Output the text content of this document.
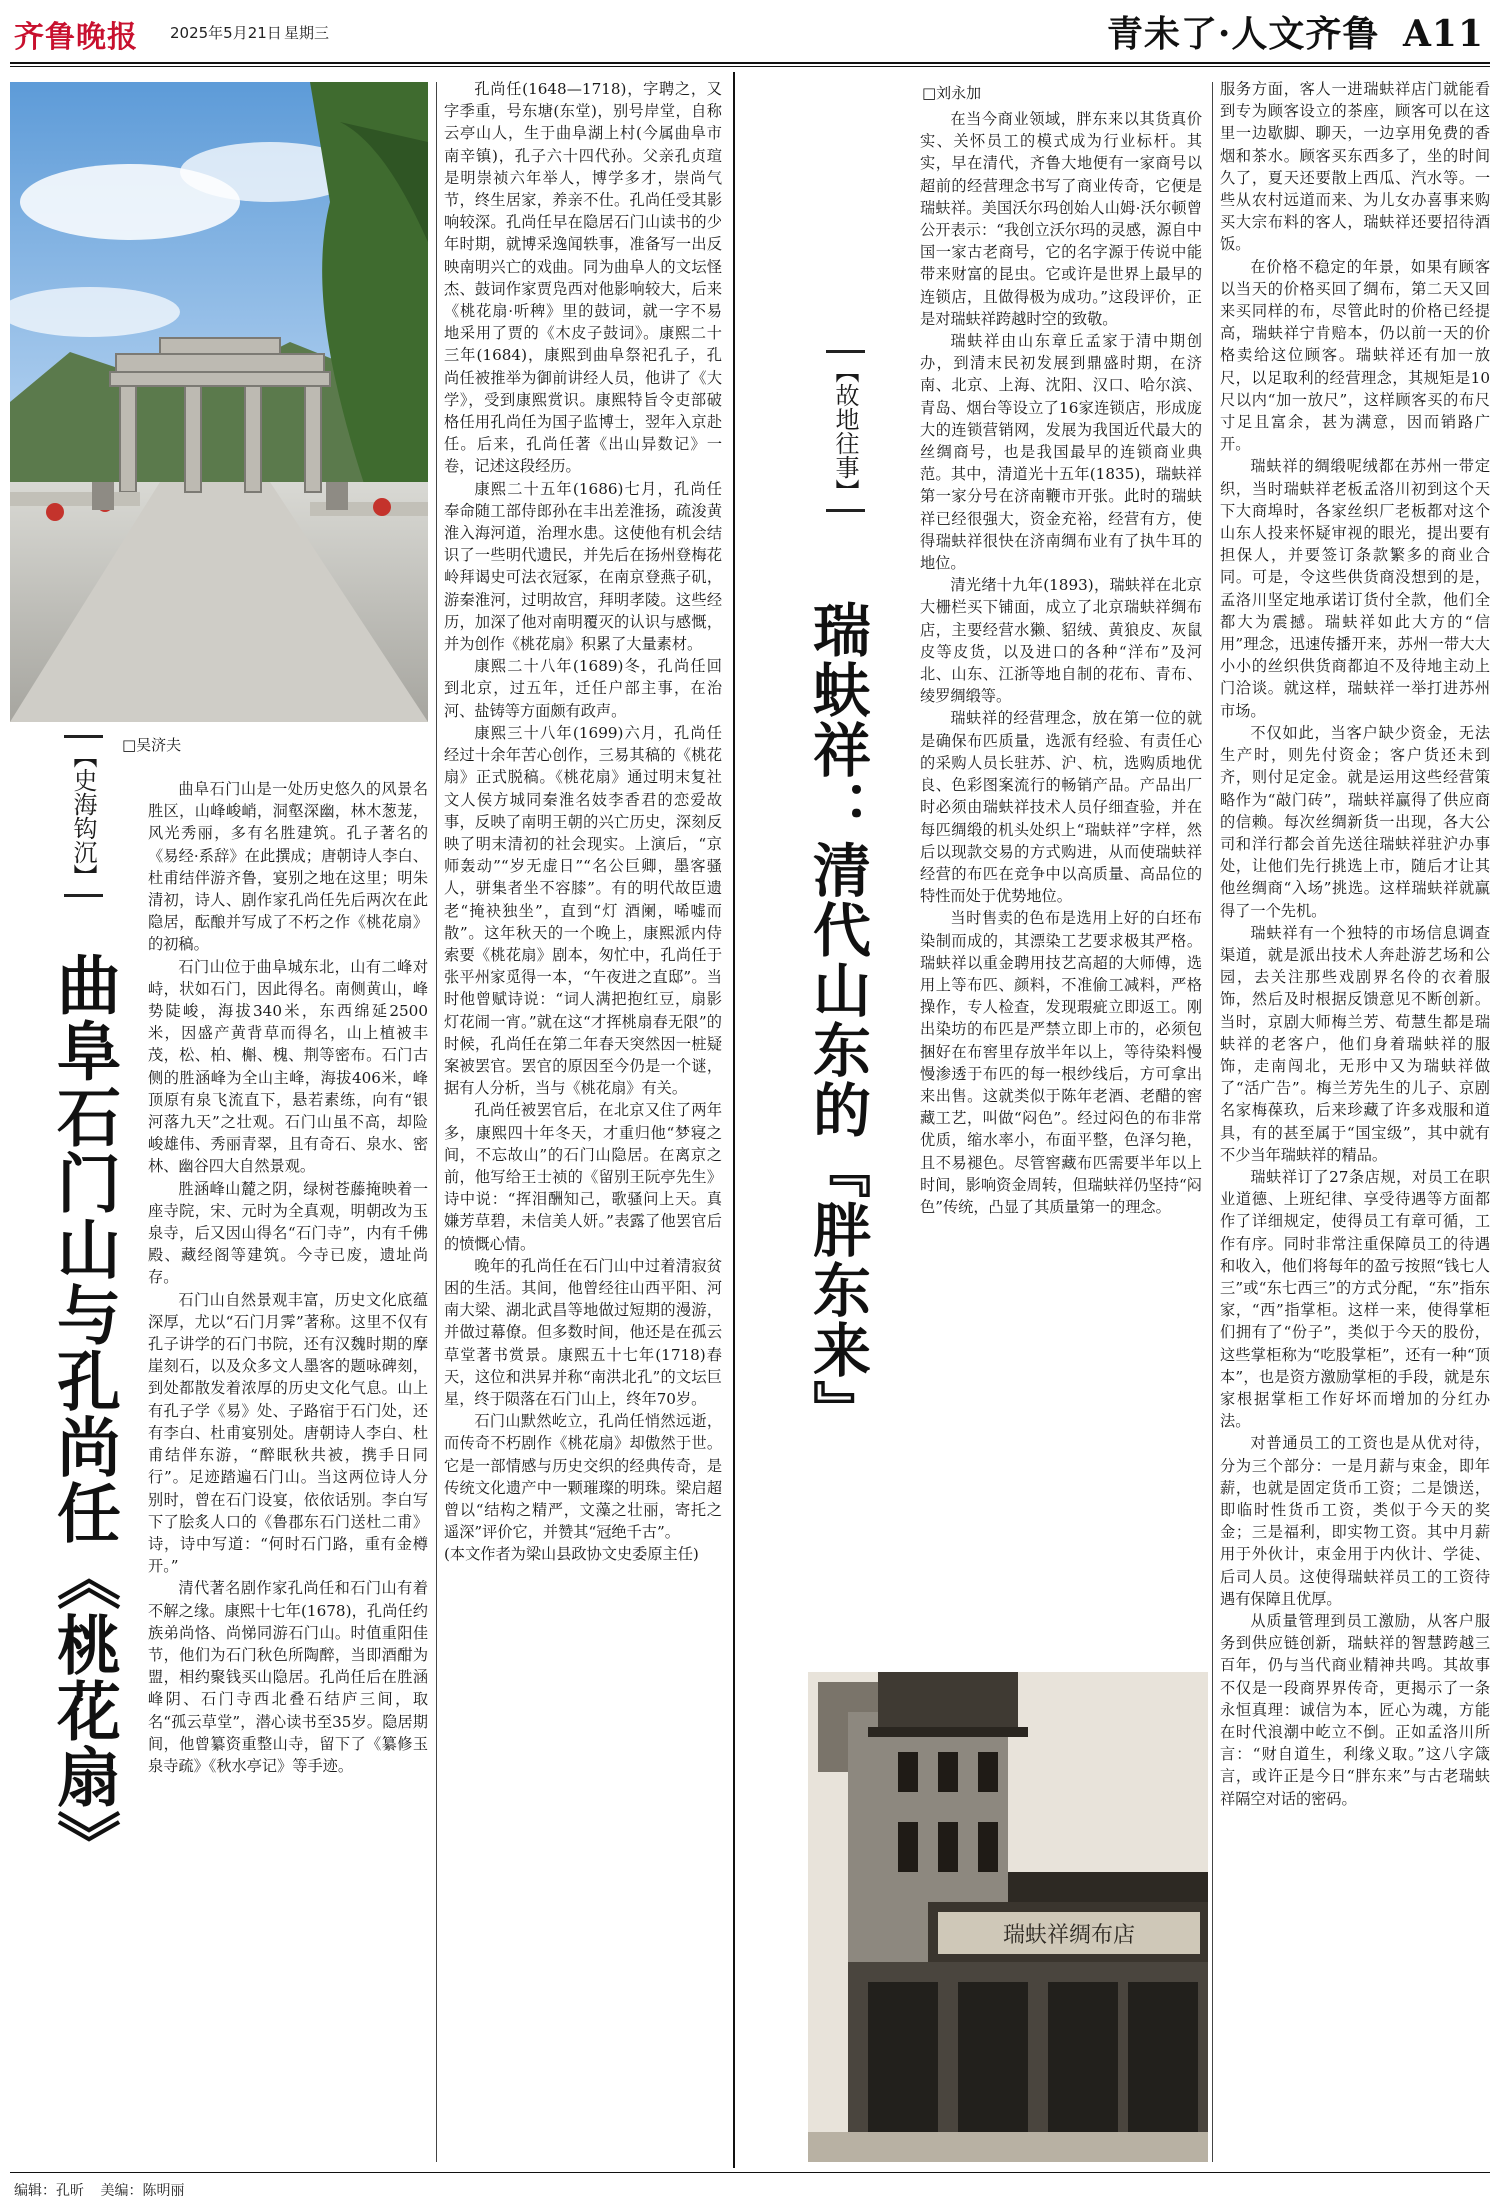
齐鲁晚报 2025年5月21日 星期三	青未了·人文齐鲁 A11
□吴济夫
【史海钩沉】
曲阜石门山与孔尚任《桃花扇》

曲阜石门山是一处历史悠久的风景名胜区，山峰峻峭，洞壑深幽，林木葱茏，风光秀丽，多有名胜建筑。孔子著名的《易经·系辞》在此撰成；唐朝诗人李白、杜甫结伴游齐鲁，宴别之地在这里；明朱清初，诗人、剧作家孔尚任先后两次在此隐居，酝酿并写成了不朽之作《桃花扇》的初稿。

石门山位于曲阜城东北，山有二峰对峙，状如石门，因此得名。南侧黄山，峰势陡峻，海拔340米，东西绵延2500米，因盛产黄背草而得名，山上植被丰茂，松、柏、槲、槐、荆等密布。石门古侧的胜涵峰为全山主峰，海拔406米，峰顶原有泉飞流直下，悬若素练，向有“银河落九天”之壮观。石门山虽不高，却险峻雄伟、秀丽青翠，且有奇石、泉水、密林、幽谷四大自然景观。

胜涵峰山麓之阴，绿树苍藤掩映着一座寺院，宋、元时为全真观，明朝改为玉泉寺，后又因山得名“石门寺”，内有千佛殿、藏经阁等建筑。今寺已废，遗址尚存。

石门山自然景观丰富，历史文化底蕴深厚，尤以“石门月霁”著称。这里不仅有孔子讲学的石门书院，还有汉魏时期的摩崖刻石，以及众多文人墨客的题咏碑刻，到处都散发着浓厚的历史文化气息。山上有孔子学《易》处、子路宿于石门处，还有李白、杜甫宴别处。唐朝诗人李白、杜甫结伴东游，“醉眠秋共被，携手日同行”。足迹踏遍石门山。当这两位诗人分别时，曾在石门设宴，依依话别。李白写下了脍炙人口的《鲁郡东石门送杜二甫》诗，诗中写道：“何时石门路，重有金樽开。”

清代著名剧作家孔尚任和石门山有着不解之缘。康熙十七年(1678)，孔尚任约族弟尚恪、尚悌同游石门山。时值重阳佳节，他们为石门秋色所陶醉，当即酒酣为盟，相约聚钱买山隐居。孔尚任后在胜涵峰阴、石门寺西北叠石结庐三间，取名“孤云草堂”，潜心读书至35岁。隐居期间，他曾纂资重整山寺，留下了《纂修玉泉寺疏》《秋水亭记》等手迹。

孔尚任(1648—1718)，字聘之，又字季重，号东塘(东堂)，别号岸堂，自称云亭山人，生于曲阜湖上村(今属曲阜市南辛镇)，孔子六十四代孙。父亲孔贞瑄是明崇祯六年举人，博学多才，崇尚气节，终生居家，养亲不仕。孔尚任受其影响较深。孔尚任早在隐居石门山读书的少年时期，就博采逸闻轶事，准备写一出反映南明兴亡的戏曲。同为曲阜人的文坛怪杰、鼓词作家贾凫西对他影响较大，后来《桃花扇·听稗》里的鼓词，就一字不易地采用了贾的《木皮子鼓词》。康熙二十三年(1684)，康熙到曲阜祭祀孔子，孔尚任被推举为御前讲经人员，他讲了《大学》，受到康熙赏识。康熙特旨令吏部破格任用孔尚任为国子监博士，翌年入京赴任。后来，孔尚任著《出山异数记》一卷，记述这段经历。

康熙二十五年(1686)七月，孔尚任奉命随工部侍郎孙在丰出差淮扬，疏浚黄淮入海河道，治理水患。这使他有机会结识了一些明代遗民，并先后在扬州登梅花岭拜谒史可法衣冠冢，在南京登燕子矶，游秦淮河，过明故宫，拜明孝陵。这些经历，加深了他对南明覆灭的认识与感慨，并为创作《桃花扇》积累了大量素材。

康熙二十八年(1689)冬，孔尚任回到北京，过五年，迁任户部主事，在治河、盐铸等方面颇有政声。

康熙三十八年(1699)六月，孔尚任经过十余年苦心创作，三易其稿的《桃花扇》正式脱稿。《桃花扇》通过明末复社文人侯方城同秦淮名妓李香君的恋爱故事，反映了南明王朝的兴亡历史，深刻反映了明末清初的社会现实。上演后，“京师轰动”“岁无虚日”“名公巨卿，墨客骚人，骈集者坐不容膝”。有的明代故臣遗老“掩袂独坐”，直到“灯 酒阑，唏嘘而散”。这年秋天的一个晚上，康熙派内侍索要《桃花扇》剧本，匆忙中，孔尚任于张平州家觅得一本，“午夜进之直邸”。当时他曾赋诗说：“词人满把抱红豆，扇影灯花闹一宵。”就在这“才挥桃扇春无限”的时候，孔尚任在第二年春天突然因一桩疑案被罢官。罢官的原因至今仍是一个谜，据有人分析，当与《桃花扇》有关。

孔尚任被罢官后，在北京又住了两年多，康熙四十年冬天，才重归他“梦寝之间，不忘故山”的石门山隐居。在离京之前，他写给王士祯的《留别王阮亭先生》诗中说：“挥泪酬知己，歌骚问上天。真嫌芳草碧，未信美人妍。”表露了他罢官后的愤慨心情。

晚年的孔尚任在石门山中过着清寂贫困的生活。其间，他曾经往山西平阳、河南大梁、湖北武昌等地做过短期的漫游，并做过幕僚。但多数时间，他还是在孤云草堂著书赏景。康熙五十七年(1718)春天，这位和洪昇并称“南洪北孔”的文坛巨星，终于陨落在石门山上，终年70岁。

石门山默然屹立，孔尚任悄然远逝，而传奇不朽剧作《桃花扇》却傲然于世。它是一部情感与历史交织的经典传奇，是传统文化遗产中一颗璀璨的明珠。梁启超曾以“结构之精严，文藻之壮丽，寄托之遥深”评价它，并赞其“冠绝千古”。

(本文作者为梁山县政协文史委原主任)

□刘永加
【故地往事】
瑞蚨祥：清代山东的『胖东来』

在当今商业领域，胖东来以其货真价实、关怀员工的模式成为行业标杆。其实，早在清代，齐鲁大地便有一家商号以超前的经营理念书写了商业传奇，它便是瑞蚨祥。美国沃尔玛创始人山姆·沃尔顿曾公开表示：“我创立沃尔玛的灵感，源自中国一家古老商号，它的名字源于传说中能带来财富的昆虫。它或许是世界上最早的连锁店，且做得极为成功。”这段评价，正是对瑞蚨祥跨越时空的致敬。

瑞蚨祥由山东章丘孟家于清中期创办，到清末民初发展到鼎盛时期，在济南、北京、上海、沈阳、汉口、哈尔滨、青岛、烟台等设立了16家连锁店，形成庞大的连锁营销网，发展为我国近代最大的丝绸商号，也是我国最早的连锁商业典范。其中，清道光十五年(1835)，瑞蚨祥第一家分号在济南鞭市开张。此时的瑞蚨祥已经很强大，资金充裕，经营有方，使得瑞蚨祥很快在济南绸布业有了执牛耳的地位。

清光绪十九年(1893)，瑞蚨祥在北京大栅栏买下铺面，成立了北京瑞蚨祥绸布店，主要经营水獭、貂绒、黄狼皮、灰鼠皮等皮货，以及进口的各种“洋布”及河北、山东、江浙等地自制的花布、青布、绫罗绸缎等。

瑞蚨祥的经营理念，放在第一位的就是确保布匹质量，选派有经验、有责任心的采购人员长驻苏、沪、杭，选购质地优良、色彩图案流行的畅销产品。产品出厂时必须由瑞蚨祥技术人员仔细查验，并在每匹绸缎的机头处织上“瑞蚨祥”字样，然后以现款交易的方式购进，从而使瑞蚨祥经营的布匹在竞争中以高质量、高品位的特性而处于优势地位。

当时售卖的色布是选用上好的白坯布染制而成的，其漂染工艺要求极其严格。瑞蚨祥以重金聘用技艺高超的大师傅，选用上等布匹、颜料，不准偷工减料，严格操作，专人检查，发现瑕疵立即返工。刚出染坊的布匹是严禁立即上市的，必须包捆好在布窖里存放半年以上，等待染料慢慢渗透于布匹的每一根纱线后，方可拿出来出售。这就类似于陈年老酒、老醋的窖藏工艺，叫做“闷色”。经过闷色的布非常优质，缩水率小，布面平整，色泽匀艳，且不易褪色。尽管窖藏布匹需要半年以上时间，影响资金周转，但瑞蚨祥仍坚持“闷色”传统，凸显了其质量第一的理念。

瑞蚨祥绸布店

服务方面，客人一进瑞蚨祥店门就能看到专为顾客设立的茶座，顾客可以在这里一边歇脚、聊天，一边享用免费的香烟和茶水。顾客买东西多了，坐的时间久了，夏天还要散上西瓜、汽水等。一些从农村远道而来、为儿女办喜事来购买大宗布料的客人，瑞蚨祥还要招待酒饭。

在价格不稳定的年景，如果有顾客以当天的价格买回了绸布，第二天又回来买同样的布，尽管此时的价格已经提高，瑞蚨祥宁肯赔本，仍以前一天的价格卖给这位顾客。瑞蚨祥还有加一放尺，以足取利的经营理念，其规矩是10尺以内“加一放尺”，这样顾客买的布尺寸足且富余，甚为满意，因而销路广开。

瑞蚨祥的绸缎呢绒都在苏州一带定织，当时瑞蚨祥老板孟洛川初到这个天下大商埠时，各家丝织厂老板都对这个山东人投来怀疑审视的眼光，提出要有担保人，并要签订条款繁多的商业合同。可是，令这些供货商没想到的是，孟洛川坚定地承诺订货付全款，他们全都大为震撼。瑞蚨祥如此大方的“信用”理念，迅速传播开来，苏州一带大大小小的丝织供货商都迫不及待地主动上门洽谈。就这样，瑞蚨祥一举打进苏州市场。

不仅如此，当客户缺少资金，无法生产时，则先付资金；客户货还未到齐，则付足定金。就是运用这些经营策略作为“敲门砖”，瑞蚨祥赢得了供应商的信赖。每次丝绸新货一出现，各大公司和洋行都会首先送往瑞蚨祥驻沪办事处，让他们先行挑选上市，随后才让其他丝绸商“入场”挑选。这样瑞蚨祥就赢得了一个先机。

瑞蚨祥有一个独特的市场信息调查渠道，就是派出技术人奔赴游艺场和公园，去关注那些戏剧界名伶的衣着服饰，然后及时根据反馈意见不断创新。当时，京剧大师梅兰芳、荀慧生都是瑞蚨祥的老客户，他们身着瑞蚨祥的服饰，走南闯北，无形中又为瑞蚨祥做了“活广告”。梅兰芳先生的儿子、京剧名家梅葆玖，后来珍藏了许多戏服和道具，有的甚至属于“国宝级”，其中就有不少当年瑞蚨祥的精品。

瑞蚨祥订了27条店规，对员工在职业道德、上班纪律、享受待遇等方面都作了详细规定，使得员工有章可循，工作有序。同时非常注重保障员工的待遇和收入，他们将每年的盈亏按照“钱七人三”或“东七西三”的方式分配，“东”指东家，“西”指掌柜。这样一来，使得掌柜们拥有了“份子”，类似于今天的股份，这些掌柜称为“吃股掌柜”，还有一种“顶本”，也是资方激励掌柜的手段，就是东家根据掌柜工作好坏而增加的分红办法。

对普通员工的工资也是从优对待，分为三个部分：一是月薪与束金，即年薪，也就是固定货币工资；二是馈送，即临时性货币工资，类似于今天的奖金；三是福利，即实物工资。其中月薪用于外伙计，束金用于内伙计、学徒、后司人员。这使得瑞蚨祥员工的工资待遇有保障且优厚。

从质量管理到员工激励，从客户服务到供应链创新，瑞蚨祥的智慧跨越三百年，仍与当代商业精神共鸣。其故事不仅是一段商界界传奇，更揭示了一条永恒真理：诚信为本，匠心为魂，方能在时代浪潮中屹立不倒。正如孟洛川所言：“财自道生，利缘义取。”这八字箴言，或许正是今日“胖东来”与古老瑞蚨祥隔空对话的密码。

编辑：孔昕 美编：陈明丽
